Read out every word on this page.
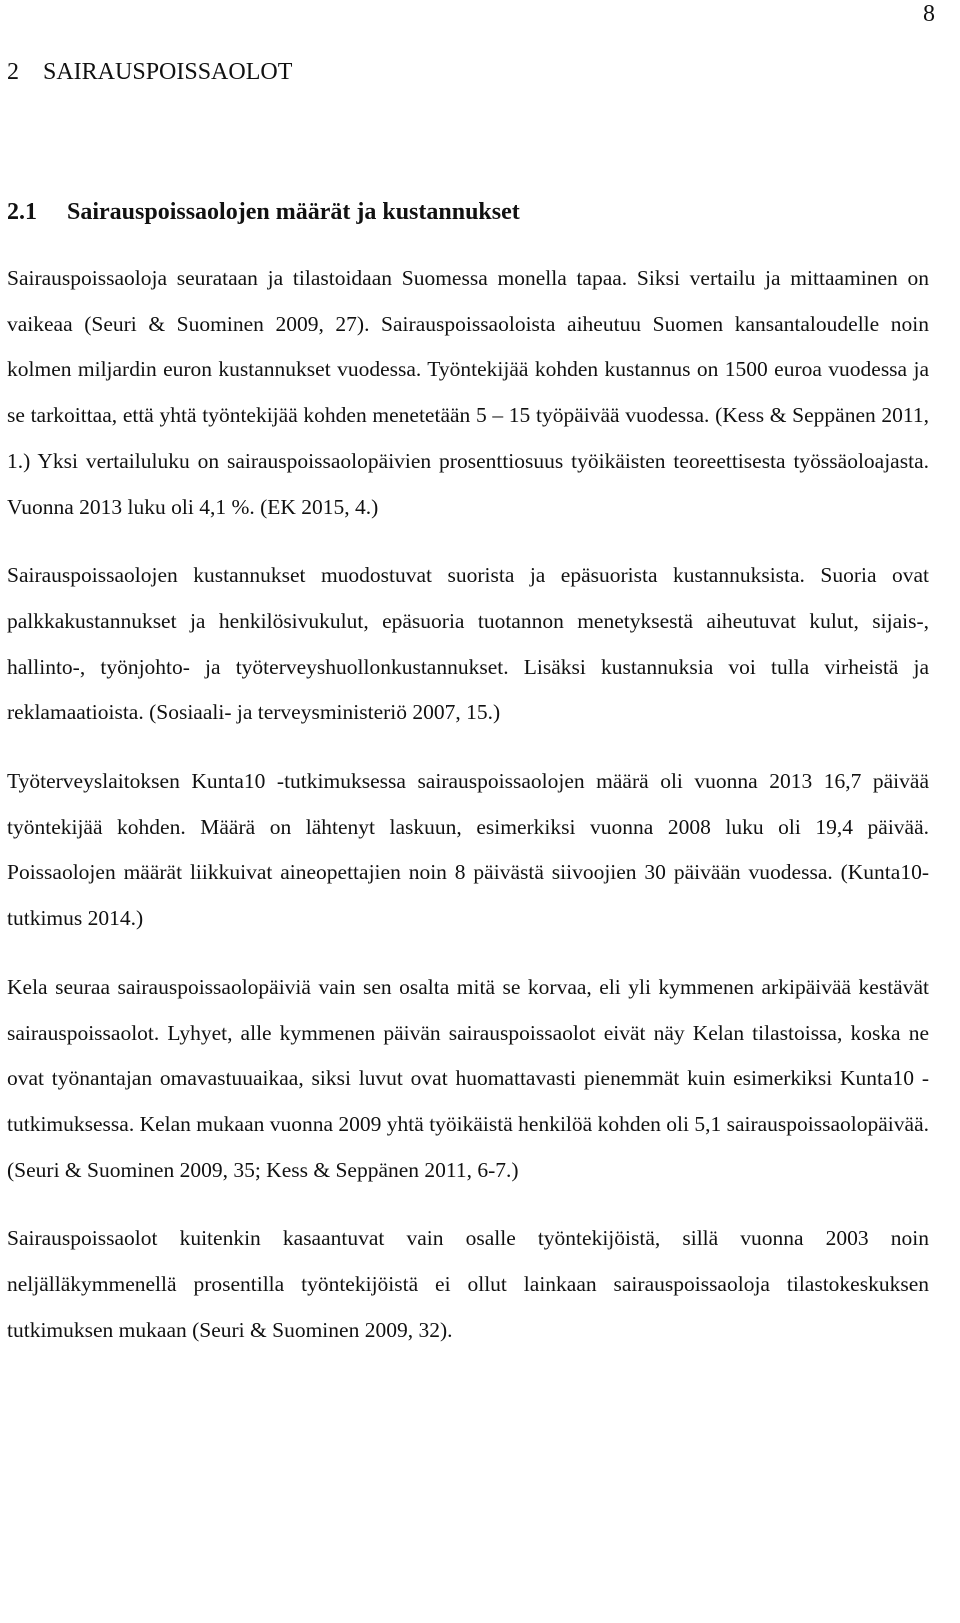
8
2 SAIRAUSPOISSAOLOT
2.1 Sairauspoissaolojen määrät ja kustannukset

Sairauspoissaoloja seurataan ja tilastoidaan Suomessa monella tapaa. Siksi vertailu ja mittaaminen on vaikeaa (Seuri & Suominen 2009, 27). Sairauspoissaoloista aiheutuu Suomen kansantaloudelle noin kolmen miljardin euron kustannukset vuodessa. Työntekijää kohden kustannus on 1500 euroa vuodessa ja se tarkoittaa, että yhtä työntekijää kohden menetetään 5 – 15 työpäivää vuodessa. (Kess & Seppänen 2011, 1.) Yksi vertailuluku on sairauspoissaolopäivien prosenttiosuus työikäisten teoreettisesta työssäoloajasta. Vuonna 2013 luku oli 4,1 %. (EK 2015, 4.)

Sairauspoissaolojen kustannukset muodostuvat suorista ja epäsuorista kustannuksista. Suoria ovat palkkakustannukset ja henkilösivukulut, epäsuoria tuotannon menetyksestä aiheutuvat kulut, sijais-, hallinto-, työnjohto- ja työterveyshuollonkustannukset. Lisäksi kustannuksia voi tulla virheistä ja reklamaatioista. (Sosiaali- ja terveysministeriö 2007, 15.)

Työterveyslaitoksen Kunta10 -tutkimuksessa sairauspoissaolojen määrä oli vuonna 2013 16,7 päivää työntekijää kohden. Määrä on lähtenyt laskuun, esimerkiksi vuonna 2008 luku oli 19,4 päivää. Poissaolojen määrät liikkuivat aineopettajien noin 8 päivästä siivoojien 30 päivään vuodessa. (Kunta10-tutkimus 2014.)

Kela seuraa sairauspoissaolopäiviä vain sen osalta mitä se korvaa, eli yli kymmenen arkipäivää kestävät sairauspoissaolot. Lyhyet, alle kymmenen päivän sairauspoissaolot eivät näy Kelan tilastoissa, koska ne ovat työnantajan omavastuuaikaa, siksi luvut ovat huomattavasti pienemmät kuin esimerkiksi Kunta10 -tutkimuksessa. Kelan mukaan vuonna 2009 yhtä työikäistä henkilöä kohden oli 5,1 sairauspoissaolopäivää. (Seuri & Suominen 2009, 35; Kess & Seppänen 2011, 6-7.)

Sairauspoissaolot kuitenkin kasaantuvat vain osalle työntekijöistä, sillä vuonna 2003 noin neljälläkymmenellä prosentilla työntekijöistä ei ollut lainkaan sairauspoissaoloja tilastokeskuksen tutkimuksen mukaan (Seuri & Suominen 2009, 32).
